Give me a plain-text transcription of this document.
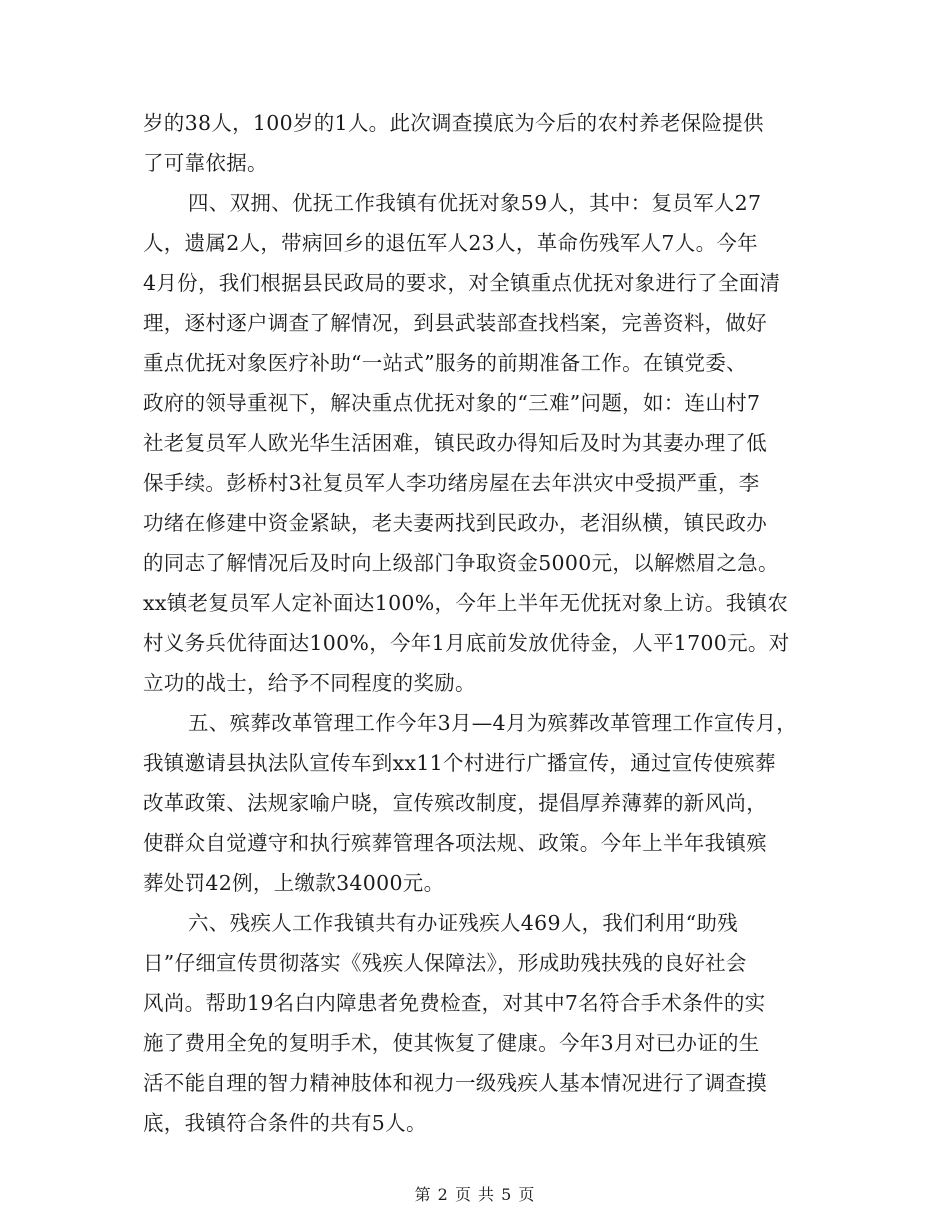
岁的38人，100岁的1人。此次调查摸底为今后的农村养老保险提供
了可靠依据。
四、双拥、优抚工作我镇有优抚对象59人，其中：复员军人27
人，遗属2人，带病回乡的退伍军人23人，革命伤残军人7人。今年
4月份，我们根据县民政局的要求，对全镇重点优抚对象进行了全面清
理，逐村逐户调查了解情况，到县武装部查找档案，完善资料，做好
重点优抚对象医疗补助“一站式”服务的前期准备工作。在镇党委、
政府的领导重视下，解决重点优抚对象的“三难”问题，如：连山村7
社老复员军人欧光华生活困难，镇民政办得知后及时为其妻办理了低
保手续。彭桥村3社复员军人李功绪房屋在去年洪灾中受损严重，李
功绪在修建中资金紧缺，老夫妻两找到民政办，老泪纵横，镇民政办
的同志了解情况后及时向上级部门争取资金5000元，以解燃眉之急。
xx镇老复员军人定补面达100%，今年上半年无优抚对象上访。我镇农
村义务兵优待面达100%，今年1月底前发放优待金，人平1700元。对
立功的战士，给予不同程度的奖励。
五、殡葬改革管理工作今年3月—4月为殡葬改革管理工作宣传月，
我镇邀请县执法队宣传车到xx11个村进行广播宣传，通过宣传使殡葬
改革政策、法规家喻户晓，宣传殡改制度，提倡厚养薄葬的新风尚，
使群众自觉遵守和执行殡葬管理各项法规、政策。今年上半年我镇殡
葬处罚42例，上缴款34000元。
六、残疾人工作我镇共有办证残疾人469人，我们利用“助残
日”仔细宣传贯彻落实《残疾人保障法》，形成助残扶残的良好社会
风尚。帮助19名白内障患者免费检查，对其中7名符合手术条件的实
施了费用全免的复明手术，使其恢复了健康。今年3月对已办证的生
活不能自理的智力精神肢体和视力一级残疾人基本情况进行了调查摸
底，我镇符合条件的共有5人。
第 2 页 共 5 页
